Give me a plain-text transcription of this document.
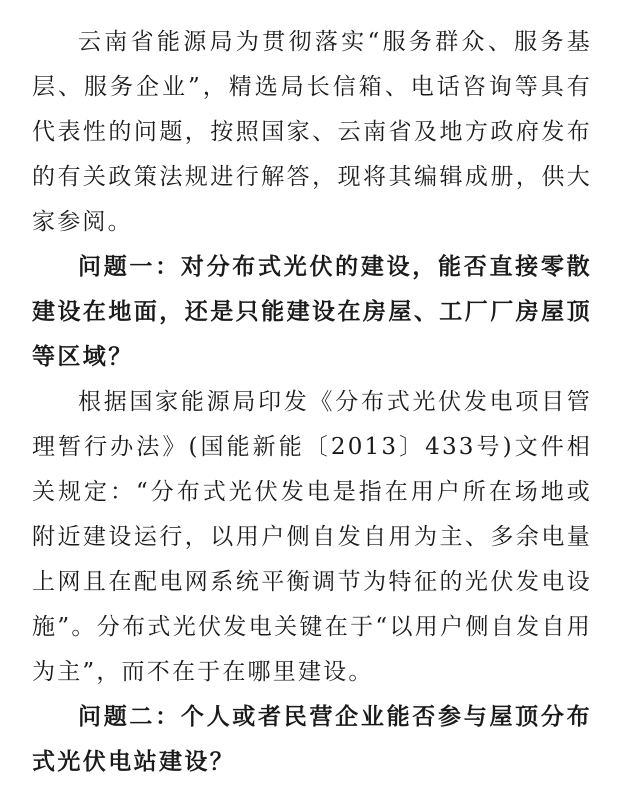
云南省能源局为贯彻落实“服务群众、服务基层、服务企业”，精选局长信箱、电话咨询等具有代表性的问题，按照国家、云南省及地方政府发布的有关政策法规进行解答，现将其编辑成册，供大家参阅。

问题一：对分布式光伏的建设，能否直接零散建设在地面，还是只能建设在房屋、工厂厂房屋顶等区域？

根据国家能源局印发《分布式光伏发电项目管理暂行办法》(国能新能〔2013〕433号)文件相关规定：“分布式光伏发电是指在用户所在场地或附近建设运行，以用户侧自发自用为主、多余电量上网且在配电网系统平衡调节为特征的光伏发电设施”。分布式光伏发电关键在于“以用户侧自发自用为主”，而不在于在哪里建设。

问题二：个人或者民营企业能否参与屋顶分布式光伏电站建设？
